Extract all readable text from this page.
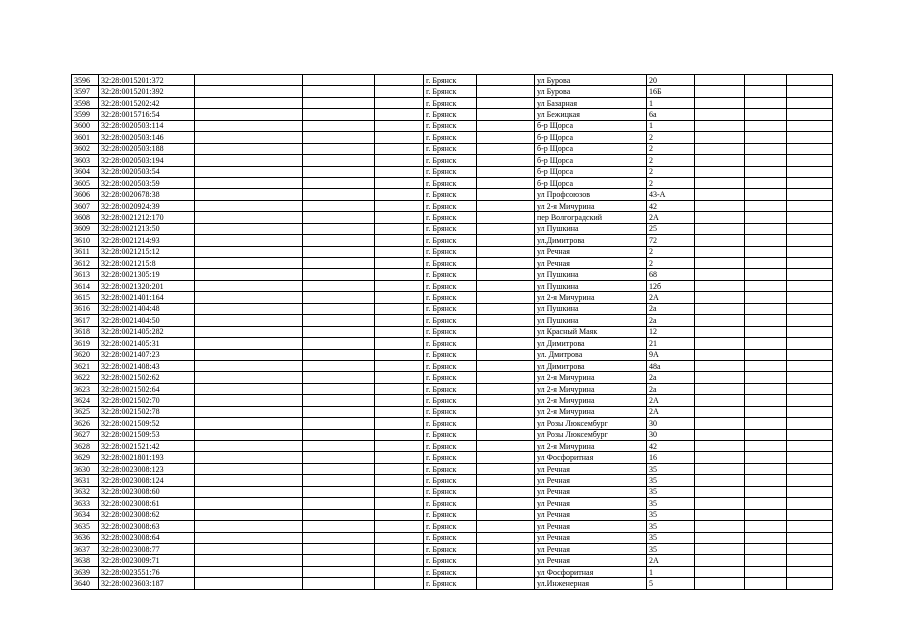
3596	32:28:0015201:372				г. Брянск		ул Бурова	20			
3597	32:28:0015201:392				г. Брянск		ул Бурова	16Б			
3598	32:28:0015202:42				г. Брянск		ул Базарная	1			
3599	32:28:0015716:54				г. Брянск		ул Бежицкая	6а			
3600	32:28:0020503:114				г. Брянск		б-р Щорса	1			
3601	32:28:0020503:146				г. Брянск		б-р Щорса	2			
3602	32:28:0020503:188				г. Брянск		б-р Щорса	2			
3603	32:28:0020503:194				г. Брянск		б-р Щорса	2			
3604	32:28:0020503:54				г. Брянск		б-р Щорса	2			
3605	32:28:0020503:59				г. Брянск		б-р Щорса	2			
3606	32:28:0020678:38				г. Брянск		ул Профсоюзов	43-А			
3607	32:28:0020924:39				г. Брянск		ул 2-я Мичурина	42			
3608	32:28:0021212:170				г. Брянск		пер Волгоградский	2А			
3609	32:28:0021213:50				г. Брянск		ул Пушкина	25			
3610	32:28:0021214:93				г. Брянск		ул.Димитрова	72			
3611	32:28:0021215:12				г. Брянск		ул Речная	2			
3612	32:28:0021215:8				г. Брянск		ул Речная	2			
3613	32:28:0021305:19				г. Брянск		ул Пушкина	68			
3614	32:28:0021320:201				г. Брянск		ул Пушкина	12б			
3615	32:28:0021401:164				г. Брянск		ул 2-я Мичурина	2А			
3616	32:28:0021404:48				г. Брянск		ул Пушкина	2а			
3617	32:28:0021404:50				г. Брянск		ул Пушкина	2а			
3618	32:28:0021405:282				г. Брянск		ул Красный Маяк	12			
3619	32:28:0021405:31				г. Брянск		ул Димитрова	21			
3620	32:28:0021407:23				г. Брянск		ул. Дмитрова	9А			
3621	32:28:0021408:43				г. Брянск		ул Димитрова	48а			
3622	32:28:0021502:62				г. Брянск		ул 2-я Мичурина	2а			
3623	32:28:0021502:64				г. Брянск		ул 2-я Мичурина	2а			
3624	32:28:0021502:70				г. Брянск		ул 2-я Мичурина	2А			
3625	32:28:0021502:78				г. Брянск		ул 2-я Мичурина	2А			
3626	32:28:0021509:52				г. Брянск		ул Розы Люксембург	30			
3627	32:28:0021509:53				г. Брянск		ул Розы Люксембург	30			
3628	32:28:0021521:42				г. Брянск		ул 2-я Мичурина	42			
3629	32:28:0021801:193				г. Брянск		ул Фосфоритная	16			
3630	32:28:0023008:123				г. Брянск		ул Речная	35			
3631	32:28:0023008:124				г. Брянск		ул Речная	35			
3632	32:28:0023008:60				г. Брянск		ул Речная	35			
3633	32:28:0023008:61				г. Брянск		ул Речная	35			
3634	32:28:0023008:62				г. Брянск		ул Речная	35			
3635	32:28:0023008:63				г. Брянск		ул Речная	35			
3636	32:28:0023008:64				г. Брянск		ул Речная	35			
3637	32:28:0023008:77				г. Брянск		ул Речная	35			
3638	32:28:0023009:71				г. Брянск		ул Речная	2А			
3639	32:28:0023551:76				г. Брянск		ул Фосфоритная	1			
3640	32:28:0023603:187				г. Брянск		ул.Инженерная	5			
